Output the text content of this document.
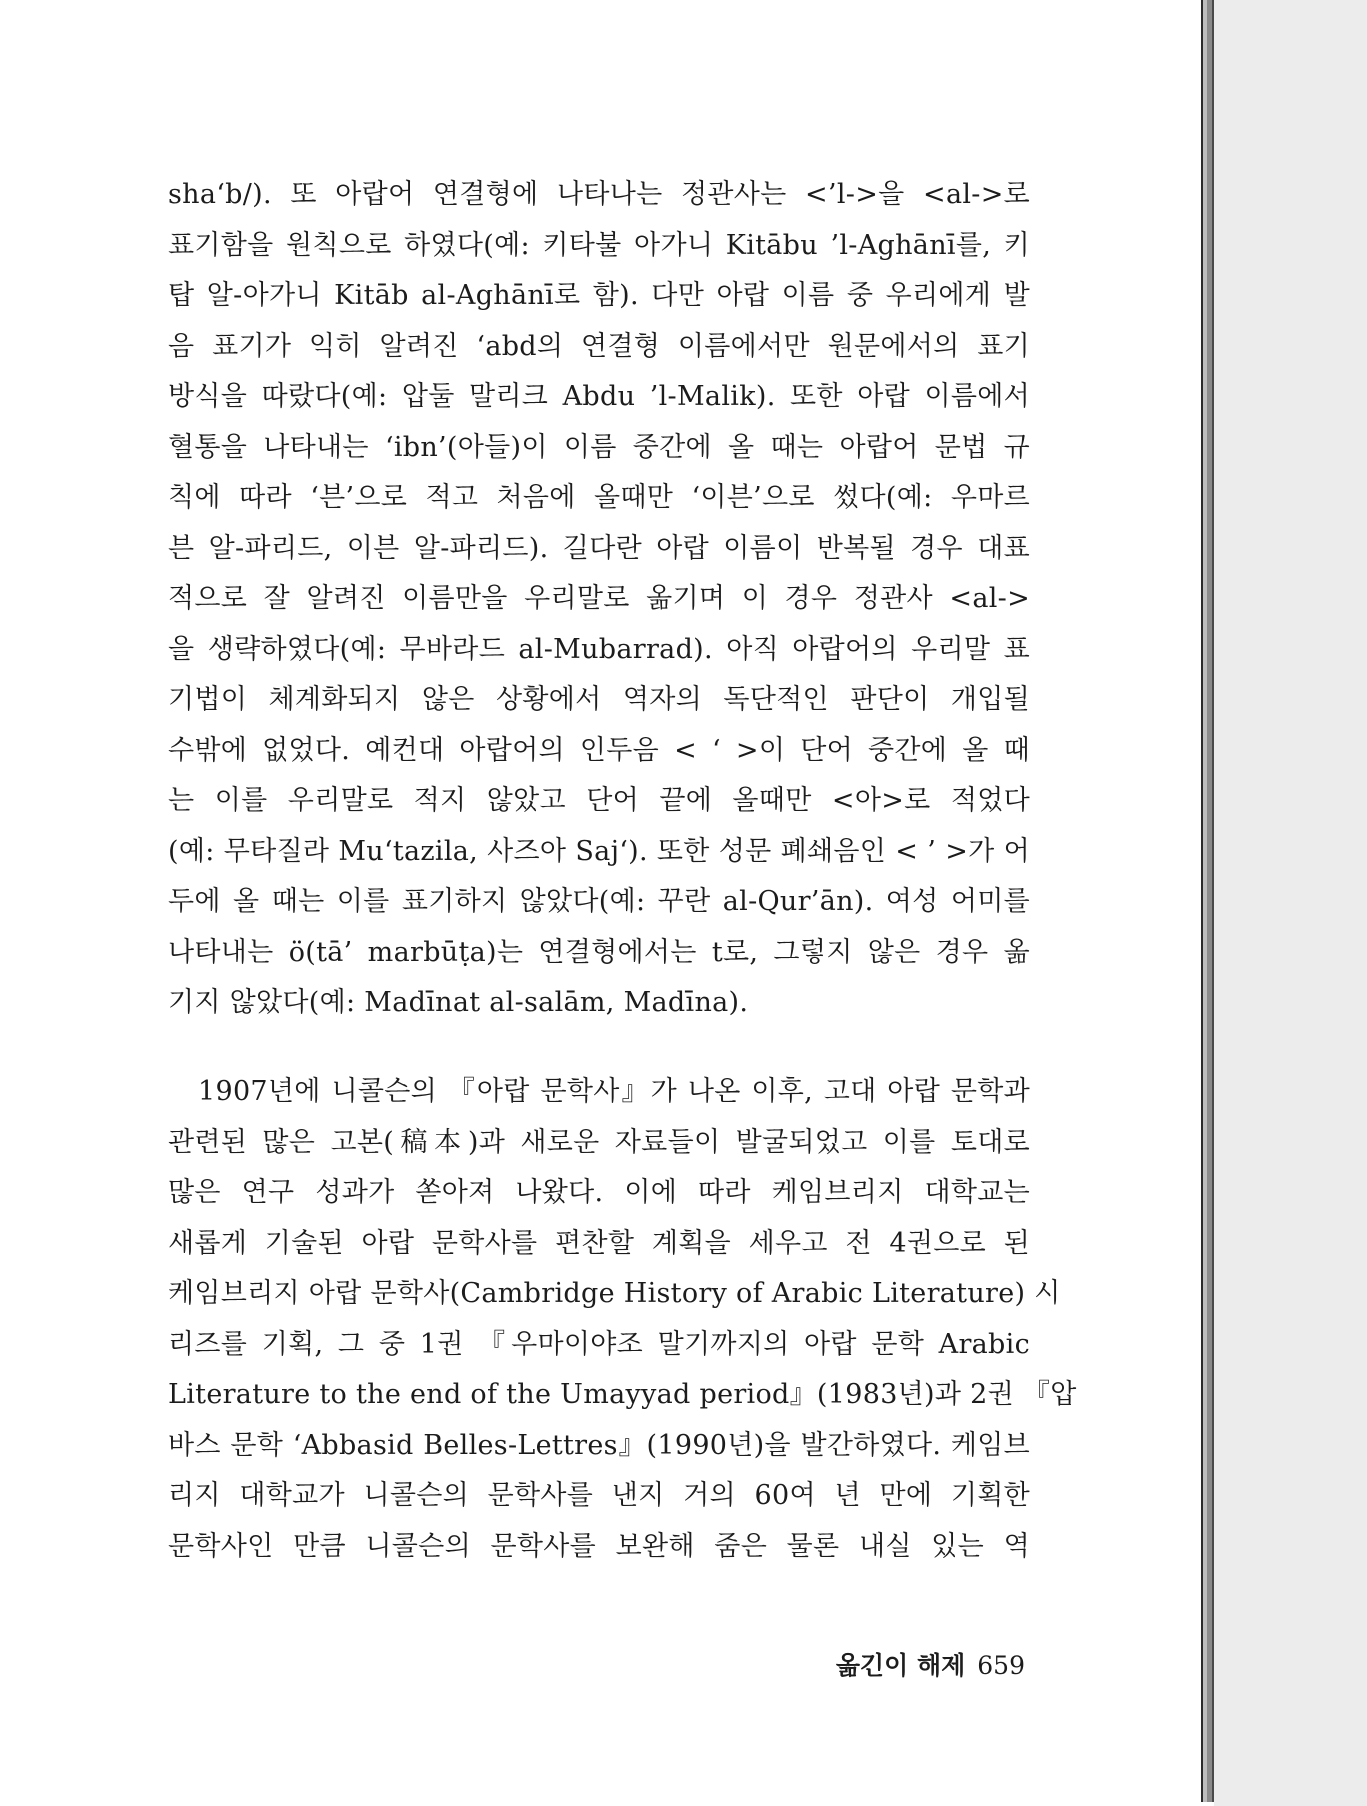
sha‘b/). 또 아랍어 연결형에 나타나는 정관사는 <’l->을 <al->로
표기함을 원칙으로 하였다(예: 키타불 아가니 Kitābu ’l-Aghānī를, 키
탑 알-아가니 Kitāb al-Aghānī로 함). 다만 아랍 이름 중 우리에게 발
음 표기가 익히 알려진 ‘abd의 연결형 이름에서만 원문에서의 표기
방식을 따랐다(예: 압둘 말리크 Abdu ’l-Malik). 또한 아랍 이름에서
혈통을 나타내는 ‘ibn’(아들)이 이름 중간에 올 때는 아랍어 문법 규
칙에 따라 ‘븐’으로 적고 처음에 올때만 ‘이븐’으로 썼다(예: 우마르
븐 알-파리드, 이븐 알-파리드). 길다란 아랍 이름이 반복될 경우 대표
적으로 잘 알려진 이름만을 우리말로 옮기며 이 경우 정관사 <al->
을 생략하였다(예: 무바라드 al-Mubarrad). 아직 아랍어의 우리말 표
기법이 체계화되지 않은 상황에서 역자의 독단적인 판단이 개입될
수밖에 없었다. 예컨대 아랍어의 인두음 < ‘ >이 단어 중간에 올 때
는 이를 우리말로 적지 않았고 단어 끝에 올때만 <아>로 적었다
(예: 무타질라 Mu‘tazila, 사즈아 Saj‘). 또한 성문 폐쇄음인 < ’ >가 어
두에 올 때는 이를 표기하지 않았다(예: 꾸란 al-Qur’ān). 여성 어미를
나타내는 ö(tā’ marbūṭa)는 연결형에서는 t로, 그렇지 않은 경우 옮
기지 않았다(예: Madīnat al-salām, Madīna).
1907년에 니콜슨의 『아랍 문학사』가 나온 이후, 고대 아랍 문학과
관련된 많은 고본(稿本)과 새로운 자료들이 발굴되었고 이를 토대로
많은 연구 성과가 쏟아져 나왔다. 이에 따라 케임브리지 대학교는
새롭게 기술된 아랍 문학사를 편찬할 계획을 세우고 전 4권으로 된
케임브리지 아랍 문학사(Cambridge History of Arabic Literature) 시
리즈를 기획, 그 중 1권 『우마이야조 말기까지의 아랍 문학 Arabic
Literature to the end of the Umayyad period』(1983년)과 2권 『압
바스 문학 ‘Abbasid Belles-Lettres』(1990년)을 발간하였다. 케임브
리지 대학교가 니콜슨의 문학사를 낸지 거의 60여 년 만에 기획한
문학사인 만큼 니콜슨의 문학사를 보완해 줌은 물론 내실 있는 역
옮긴이 해제 659
